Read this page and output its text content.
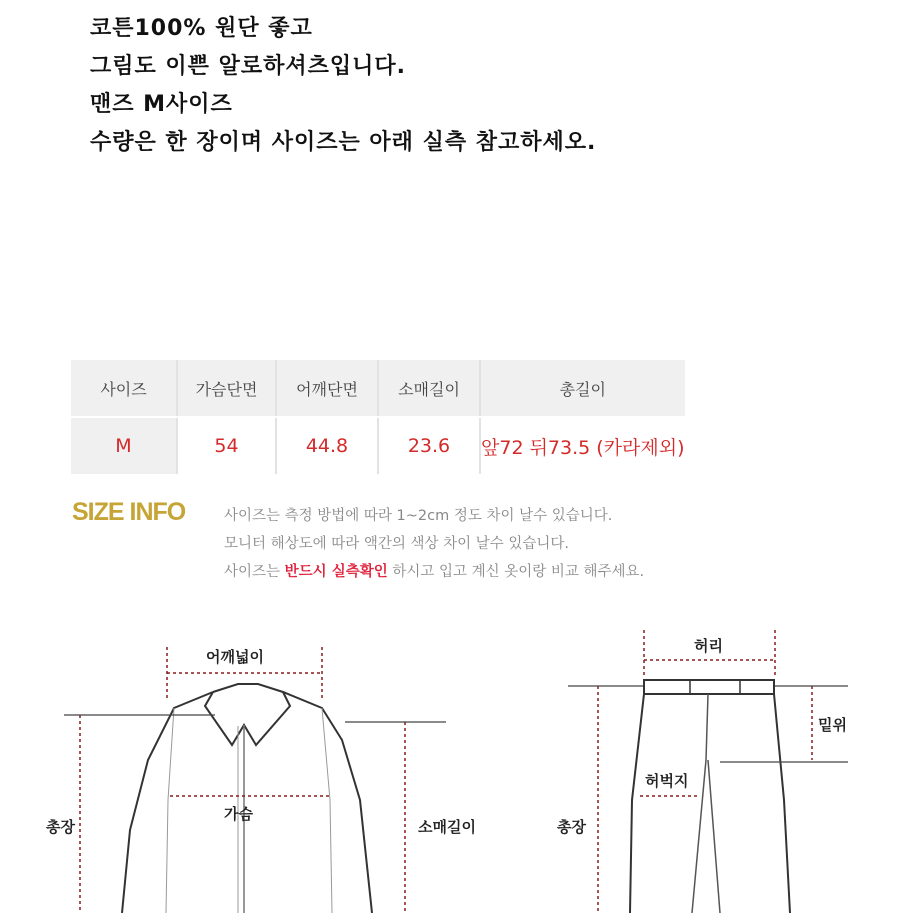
코튼100% 원단 좋고
그림도 이쁜 알로하셔츠입니다.
맨즈 M사이즈
수량은 한 장이며 사이즈는 아래 실측 참고하세오.
사이즈	가슴단면	어깨단면	소매길이	총길이
M	54	44.8	23.6	앞72 뒤73.5 (카라제외)
SIZE INFO	사이즈는 측정 방법에 따라 1~2cm 정도 차이 날수 있습니다.
모니터 해상도에 따라 액간의 색상 차이 날수 있습니다.
사이즈는 반드시 실측확인 하시고 입고 계신 옷이랑 비교 해주세요.
어깨넓이
가슴
총장	소매길이
허리
밑위
허벅지
총장
